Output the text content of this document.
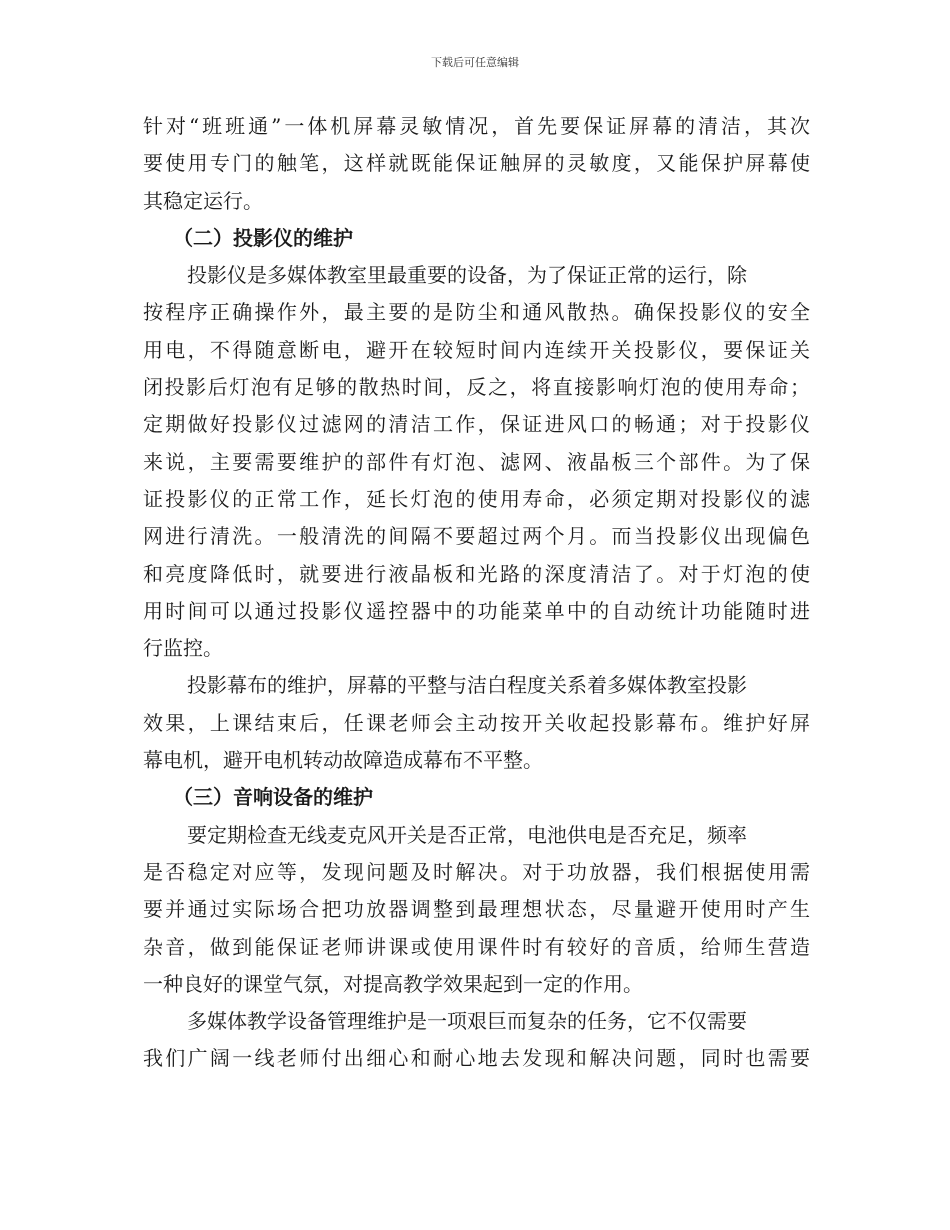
下载后可任意编辑
针对“班班通”一体机屏幕灵敏情况，首先要保证屏幕的清洁，其次
要使用专门的触笔，这样就既能保证触屏的灵敏度，又能保护屏幕使
其稳定运行。
（二）投影仪的维护
投影仪是多媒体教室里最重要的设备，为了保证正常的运行，除
按程序正确操作外，最主要的是防尘和通风散热。确保投影仪的安全
用电，不得随意断电，避开在较短时间内连续开关投影仪，要保证关
闭投影后灯泡有足够的散热时间，反之，将直接影响灯泡的使用寿命；
定期做好投影仪过滤网的清洁工作，保证进风口的畅通；对于投影仪
来说，主要需要维护的部件有灯泡、滤网、液晶板三个部件。为了保
证投影仪的正常工作，延长灯泡的使用寿命，必须定期对投影仪的滤
网进行清洗。一般清洗的间隔不要超过两个月。而当投影仪出现偏色
和亮度降低时，就要进行液晶板和光路的深度清洁了。对于灯泡的使
用时间可以通过投影仪遥控器中的功能菜单中的自动统计功能随时进
行监控。
投影幕布的维护，屏幕的平整与洁白程度关系着多媒体教室投影
效果，上课结束后，任课老师会主动按开关收起投影幕布。维护好屏
幕电机，避开电机转动故障造成幕布不平整。
（三）音响设备的维护
要定期检查无线麦克风开关是否正常，电池供电是否充足，频率
是否稳定对应等，发现问题及时解决。对于功放器，我们根据使用需
要并通过实际场合把功放器调整到最理想状态，尽量避开使用时产生
杂音，做到能保证老师讲课或使用课件时有较好的音质，给师生营造
一种良好的课堂气氛，对提高教学效果起到一定的作用。
多媒体教学设备管理维护是一项艰巨而复杂的任务，它不仅需要
我们广阔一线老师付出细心和耐心地去发现和解决问题，同时也需要
